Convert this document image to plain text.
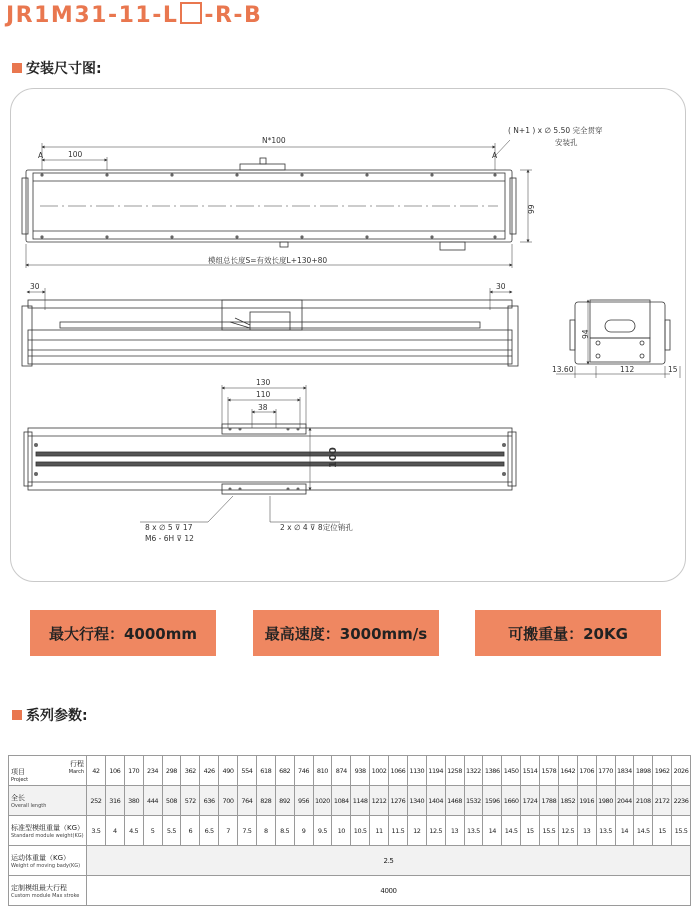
JR1M31-11-L -R-B
安装尺寸图:
N*100
100
A	A
( N+1 ) x ∅ 5.50 完全贯穿
安装孔
99
模组总长度S=有效长度L+130+80
30	30
94
13.60	112	15
130
110
38
8 x ∅ 5 ⊽ 17
M6 - 6H ⊽ 12
2 x ∅ 4 ⊽ 8定位销孔
100
最大行程：4000mm	最高速度：3000mm/s	可搬重量：20KG
系列参数:
行程
March
项目
Project	42	106	170	234	298	362	426	490	554	618	682	746	810	874	938	1002	1066	1130	1194	1258	1322	1386	1450	1514	1578	1642	1706	1770	1834	1898	1962	2026

全长
Overall length	252	316	380	444	508	572	636	700	764	828	892	956	1020	1084	1148	1212	1276	1340	1404	1468	1532	1596	1660	1724	1788	1852	1916	1980	2044	2108	2172	2236

标准型模组重量（KG）
Standard module weight(KG)	3.5	4	4.5	5	5.5	6	6.5	7	7.5	8	8.5	9	9.5	10	10.5	11	11.5	12	12.5	13	13.5	14	14.5	15	15.5	12.5	13	13.5	14	14.5	15	15.5

运动体重量（KG）
Weight of moving bady(KG)	2.5																															

定制模组最大行程
Custom module Max stroke	4000																															
